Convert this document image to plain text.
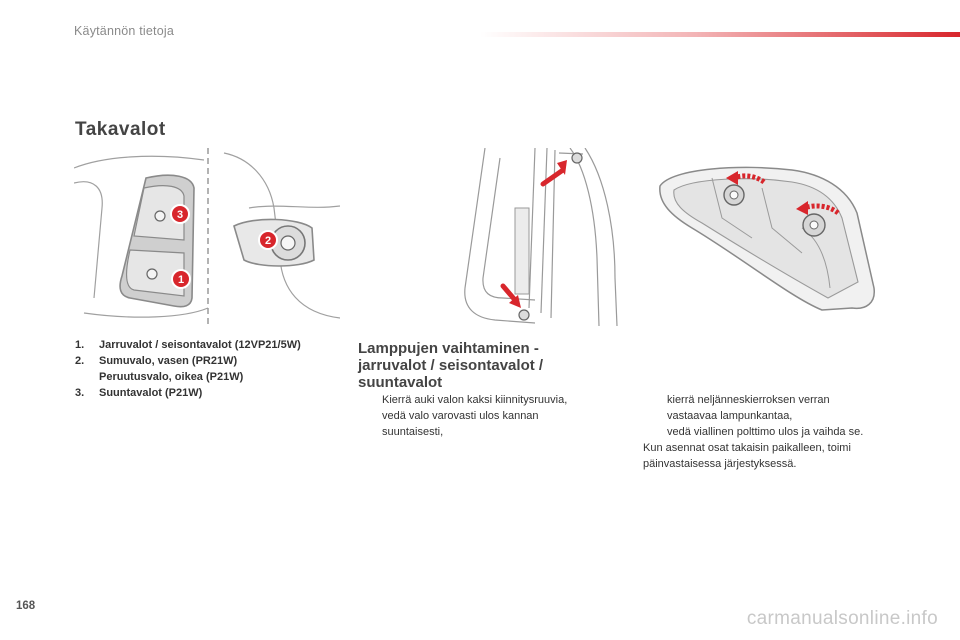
Käytännön tietoja
Takavalot
3
2
1
1. Jarruvalot / seisontavalot (12VP21/5W)
2. Sumuvalo, vasen (PR21W)
Peruutusvalo, oikea (P21W)
3. Suuntavalot (P21W)
Lamppujen vaihtaminen -
jarruvalot / seisontavalot /
suuntavalot
Kierrä auki valon kaksi kiinnitysruuvia,
vedä valo varovasti ulos kannan
suuntaisesti,
kierrä neljänneskierroksen verran
vastaavaa lampunkantaa,
vedä viallinen polttimo ulos ja vaihda se.
Kun asennat osat takaisin paikalleen, toimi
päinvastaisessa järjestyksessä.
168
carmanualsonline.info
